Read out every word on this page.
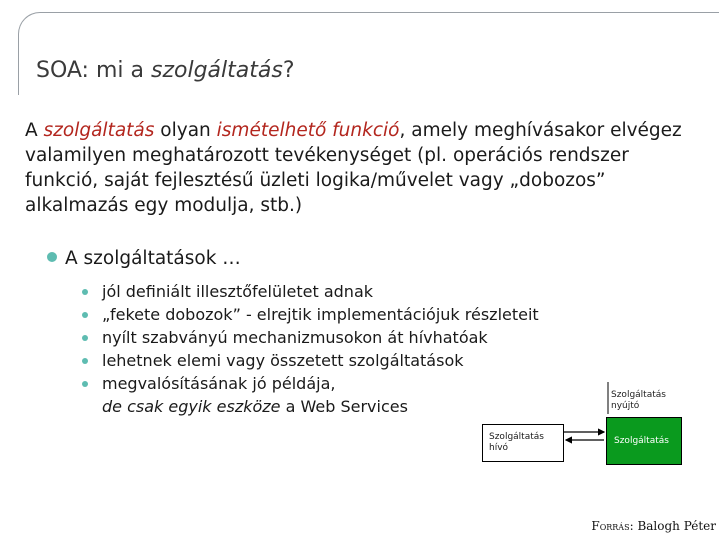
SOA: mi a szolgáltatás?
A szolgáltatás olyan ismételhető funkció, amely meghívásakor elvégez valamilyen meghatározott tevékenységet (pl. operációs rendszer funkció, saját fejlesztésű üzleti logika/művelet vagy „dobozos” alkalmazás egy modulja, stb.)
A szolgáltatások …
jól definiált illesztőfelületet adnak
„fekete dobozok” - elrejtik implementációjuk részleteit
nyílt szabványú mechanizmusokon át hívhatóak
lehetnek elemi vagy összetett szolgáltatások
megvalósításának jó példája,
de csak egyik eszköze a Web Services
Szolgáltatás
nyújtó
Szolgáltatás
hívó
Szolgáltatás
Forrás: Balogh Péter
